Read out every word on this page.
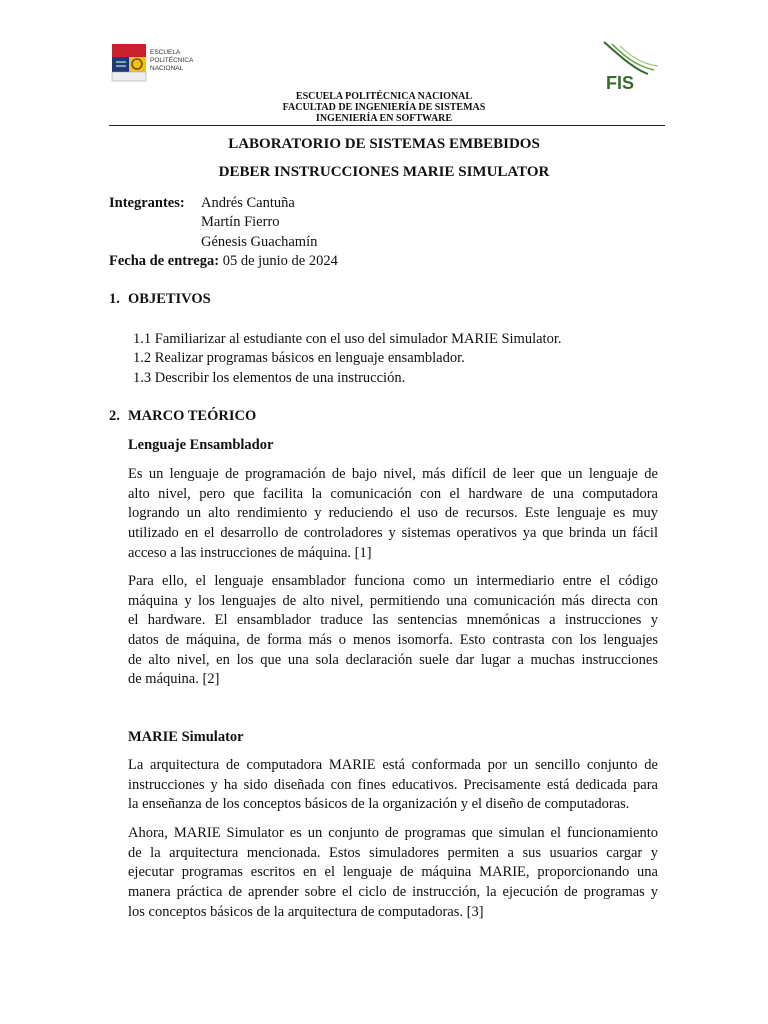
ESCUELA
POLITÉCNICA
NACIONAL
FIS
ESCUELA POLITÉCNICA NACIONAL
FACULTAD DE INGENIERÍA DE SISTEMAS
INGENIERÍA EN SOFTWARE
LABORATORIO DE SISTEMAS EMBEBIDOS
DEBER INSTRUCCIONES MARIE SIMULATOR
Integrantes: Andrés Cantuña
Martín Fierro
Génesis Guachamín
Fecha de entrega: 05 de junio de 2024
1. OBJETIVOS
1.1 Familiarizar al estudiante con el uso del simulador MARIE Simulator.
1.2 Realizar programas básicos en lenguaje ensamblador.
1.3 Describir los elementos de una instrucción.
2. MARCO TEÓRICO
Lenguaje Ensamblador
Es un lenguaje de programación de bajo nivel, más difícil de leer que un lenguaje de
alto nivel, pero que facilita la comunicación con el hardware de una computadora
logrando un alto rendimiento y reduciendo el uso de recursos. Este lenguaje es muy
utilizado en el desarrollo de controladores y sistemas operativos ya que brinda un fácil
acceso a las instrucciones de máquina. [1]
Para ello, el lenguaje ensamblador funciona como un intermediario entre el código
máquina y los lenguajes de alto nivel, permitiendo una comunicación más directa con
el hardware. El ensamblador traduce las sentencias mnemónicas a instrucciones y
datos de máquina, de forma más o menos isomorfa. Esto contrasta con los lenguajes
de alto nivel, en los que una sola declaración suele dar lugar a muchas instrucciones
de máquina. [2]
MARIE Simulator
La arquitectura de computadora MARIE está conformada por un sencillo conjunto de
instrucciones y ha sido diseñada con fines educativos. Precisamente está dedicada para
la enseñanza de los conceptos básicos de la organización y el diseño de computadoras.
Ahora, MARIE Simulator es un conjunto de programas que simulan el funcionamiento
de la arquitectura mencionada. Estos simuladores permiten a sus usuarios cargar y
ejecutar programas escritos en el lenguaje de máquina MARIE, proporcionando una
manera práctica de aprender sobre el ciclo de instrucción, la ejecución de programas y
los conceptos básicos de la arquitectura de computadoras. [3]
